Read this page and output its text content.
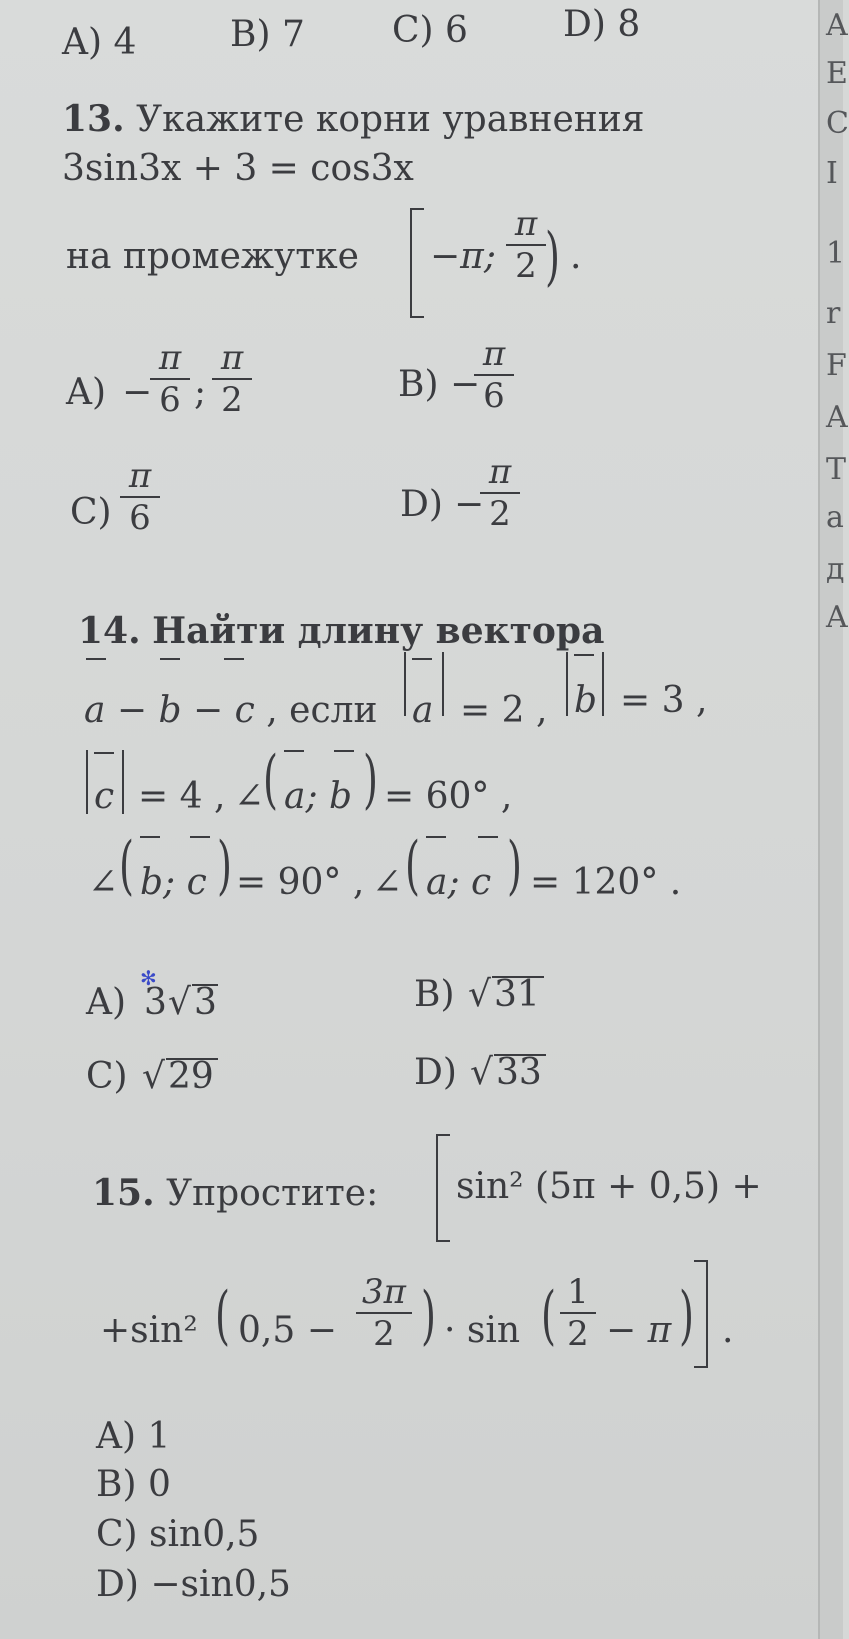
A) 4	B) 7 C) 6	D) 8
13. Укажите корни уравнения
3sin3x + 3 = cos3x
на промежутке −π; $\frac{\pi}{2}$
) .
A) −
$\frac{\pi}{6}$ ; $\frac{\pi}{2}$	B) −
$\frac{\pi}{6}$
$C) \frac{\pi}{6}$	D) −
$\frac{\pi}{2}$
14. Найти длину вектора
a − b − c , если a = 2 , b = 3 ,
c = 4 , ∠
( a; b ) = 60° ,
∠ ( b; c ) = 90° , ∠ ( a; c ) = 120° .
A)
✻
3 √ 3	B) √ 31
C) √ 29	D) √ 33
15. Упростите: sin² (5π + 0,5) +
+sin² ( $0,5 - \frac{3\pi}{2}$ ) · sin ( $\frac{1}{2} - \pi$ ) .
A) 1
B) 0
C) sin0,5
D) −sin0,5
A
E
C
I
1
r
F
A
T
a
д
A
